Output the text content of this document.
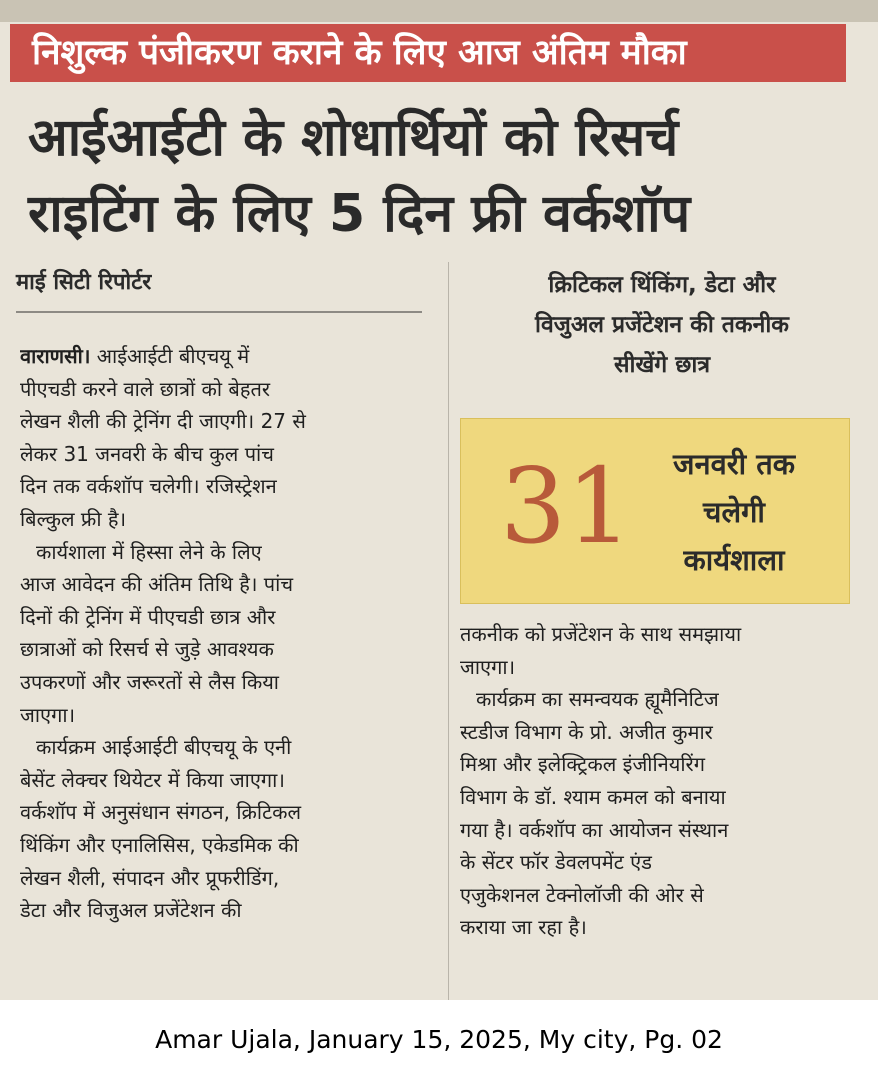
निशुल्क पंजीकरण कराने के लिए आज अंतिम मौका
आईआईटी के शोधार्थियों को रिसर्च
राइटिंग के लिए 5 दिन फ्री वर्कशॉप
माई सिटी रिपोर्टर	क्रिटिकल थिंकिंग, डेटा और
विजुअल प्रजेंटेशन की तकनीक
सीखेंगे छात्र
31	जनवरी तक
चलेगी
कार्यशाला
वाराणसी। आईआईटी बीएचयू में
पीएचडी करने वाले छात्रों को बेहतर
लेखन शैली की ट्रेनिंग दी जाएगी। 27 से
लेकर 31 जनवरी के बीच कुल पांच
दिन तक वर्कशॉप चलेगी। रजिस्ट्रेशन
बिल्कुल फ्री है।
कार्यशाला में हिस्सा लेने के लिए
आज आवेदन की अंतिम तिथि है। पांच
दिनों की ट्रेनिंग में पीएचडी छात्र और
छात्राओं को रिसर्च से जुड़े आवश्यक
उपकरणों और जरूरतों से लैस किया
जाएगा।
कार्यक्रम आईआईटी बीएचयू के एनी
बेसेंट लेक्चर थियेटर में किया जाएगा।
वर्कशॉप में अनुसंधान संगठन, क्रिटिकल
थिंकिंग और एनालिसिस, एकेडमिक की
लेखन शैली, संपादन और प्रूफरीडिंग,
डेटा और विजुअल प्रजेंटेशन की
तकनीक को प्रजेंटेशन के साथ समझाया
जाएगा।
कार्यक्रम का समन्वयक ह्यूमैनिटिज
स्टडीज विभाग के प्रो. अजीत कुमार
मिश्रा और इलेक्ट्रिकल इंजीनियरिंग
विभाग के डॉ. श्याम कमल को बनाया
गया है। वर्कशॉप का आयोजन संस्थान
के सेंटर फॉर डेवलपमेंट एंड
एजुकेशनल टेक्नोलॉजी की ओर से
कराया जा रहा है।
Amar Ujala, January 15, 2025, My city, Pg. 02
